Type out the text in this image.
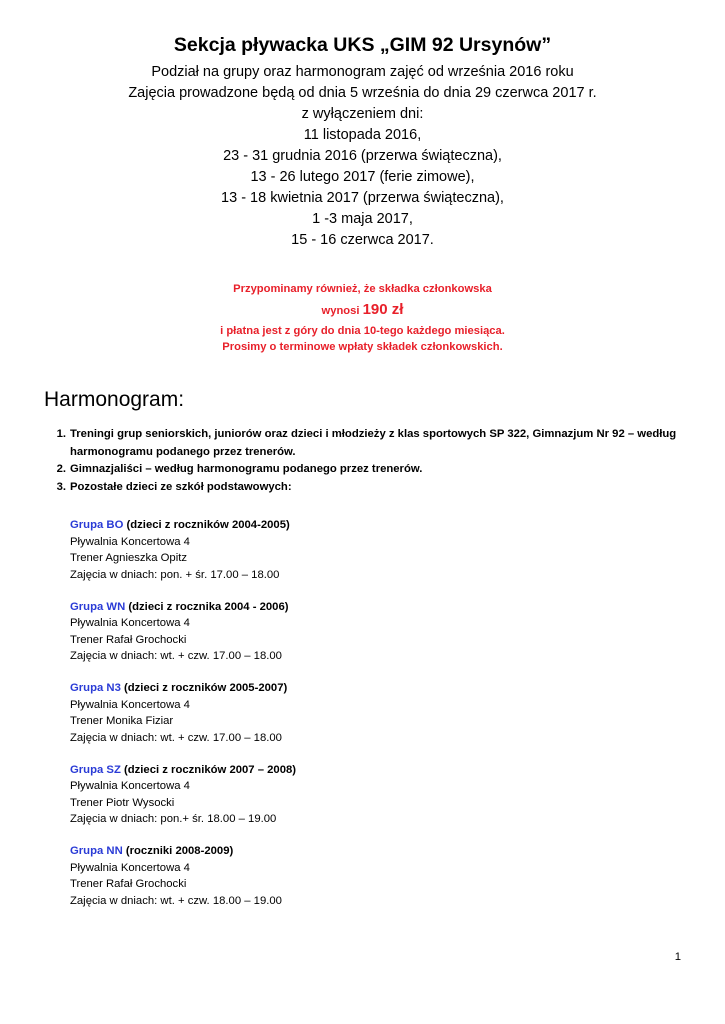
Sekcja pływacka UKS „GIM 92 Ursynów”
Podział na grupy oraz harmonogram zajęć od września 2016 roku
Zajęcia prowadzone będą od dnia 5 września do dnia 29 czerwca 2017 r.
z wyłączeniem dni:
11 listopada 2016,
23 - 31 grudnia 2016 (przerwa świąteczna),
13 - 26 lutego 2017 (ferie zimowe),
13 - 18 kwietnia 2017 (przerwa świąteczna),
1 -3 maja 2017,
15 - 16 czerwca 2017.
Przypominamy również, że składka członkowska
wynosi 190 zł
i płatna jest z góry do dnia 10-tego każdego miesiąca.
Prosimy o terminowe wpłaty składek członkowskich.
Harmonogram:
1. Treningi grup seniorskich, juniorów oraz dzieci i młodzieży z klas sportowych SP 322, Gimnazjum Nr 92 – według harmonogramu podanego przez trenerów.
2. Gimnazjaliści – według harmonogramu podanego przez trenerów.
3. Pozostałe dzieci ze szkół podstawowych:
Grupa BO (dzieci z roczników 2004-2005)
Pływalnia Koncertowa 4
Trener Agnieszka Opitz
Zajęcia w dniach: pon. + śr. 17.00 – 18.00
Grupa WN (dzieci z rocznika 2004 - 2006)
Pływalnia Koncertowa 4
Trener Rafał Grochocki
Zajęcia w dniach: wt. + czw. 17.00 – 18.00
Grupa N3 (dzieci z roczników 2005-2007)
Pływalnia Koncertowa 4
Trener Monika Fiziar
Zajęcia w dniach: wt. + czw. 17.00 – 18.00
Grupa SZ (dzieci z roczników 2007 – 2008)
Pływalnia Koncertowa 4
Trener Piotr Wysocki
Zajęcia w dniach: pon.+ śr. 18.00 – 19.00
Grupa NN (roczniki 2008-2009)
Pływalnia Koncertowa 4
Trener Rafał Grochocki
Zajęcia w dniach: wt. + czw. 18.00 – 19.00
1
